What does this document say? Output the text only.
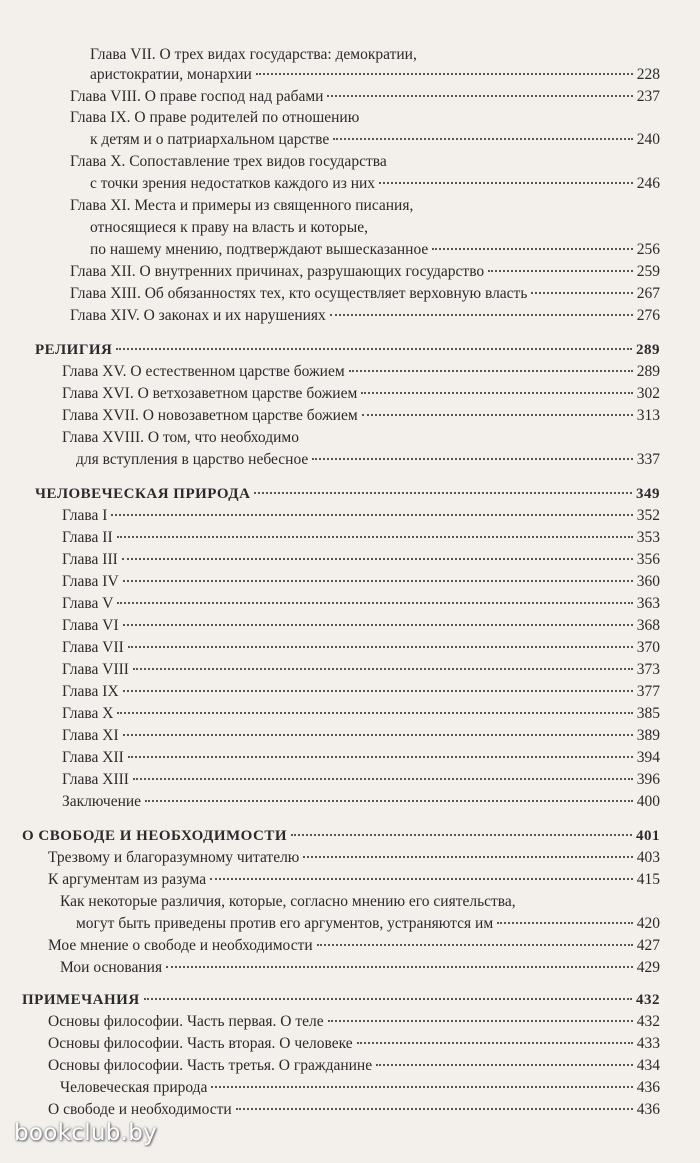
Глава VII. О трех видах государства: демократии,
аристократии, монархии	228
Глава VIII. О праве господ над рабами	237
Глава IX. О праве родителей по отношению
к детям и о патриархальном царстве	240
Глава X. Сопоставление трех видов государства
с точки зрения недостатков каждого из них	246
Глава XI. Места и примеры из священного писания,
относящиеся к праву на власть и которые,
по нашему мнению, подтверждают вышесказанное	256
Глава XII. О внутренних причинах, разрушающих государство	259
Глава XIII. Об обязанностях тех, кто осуществляет верховную власть	267
Глава XIV. О законах и их нарушениях	276
РЕЛИГИЯ	289
Глава XV. О естественном царстве божием	289
Глава XVI. О ветхозаветном царстве божием	302
Глава XVII. О новозаветном царстве божием	313
Глава XVIII. О том, что необходимо
для вступления в царство небесное	337
ЧЕЛОВЕЧЕСКАЯ ПРИРОДА	349
Глава I	352
Глава II	353
Глава III	356
Глава IV	360
Глава V	363
Глава VI	368
Глава VII	370
Глава VIII	373
Глава IX	377
Глава X	385
Глава XI	389
Глава XII	394
Глава XIII	396
Заключение	400
О СВОБОДЕ И НЕОБХОДИМОСТИ	401
Трезвому и благоразумному читателю	403
К аргументам из разума	415
Как некоторые различия, которые, согласно мнению его сиятельства,
могут быть приведены против его аргументов, устраняются им	420
Мое мнение о свободе и необходимости	427
Мои основания	429
ПРИМЕЧАНИЯ	432
Основы философии. Часть первая. О теле	432
Основы философии. Часть вторая. О человеке	433
Основы философии. Часть третья. О гражданине	434
Человеческая природа	436
О свободе и необходимости	436
bookclub.by
